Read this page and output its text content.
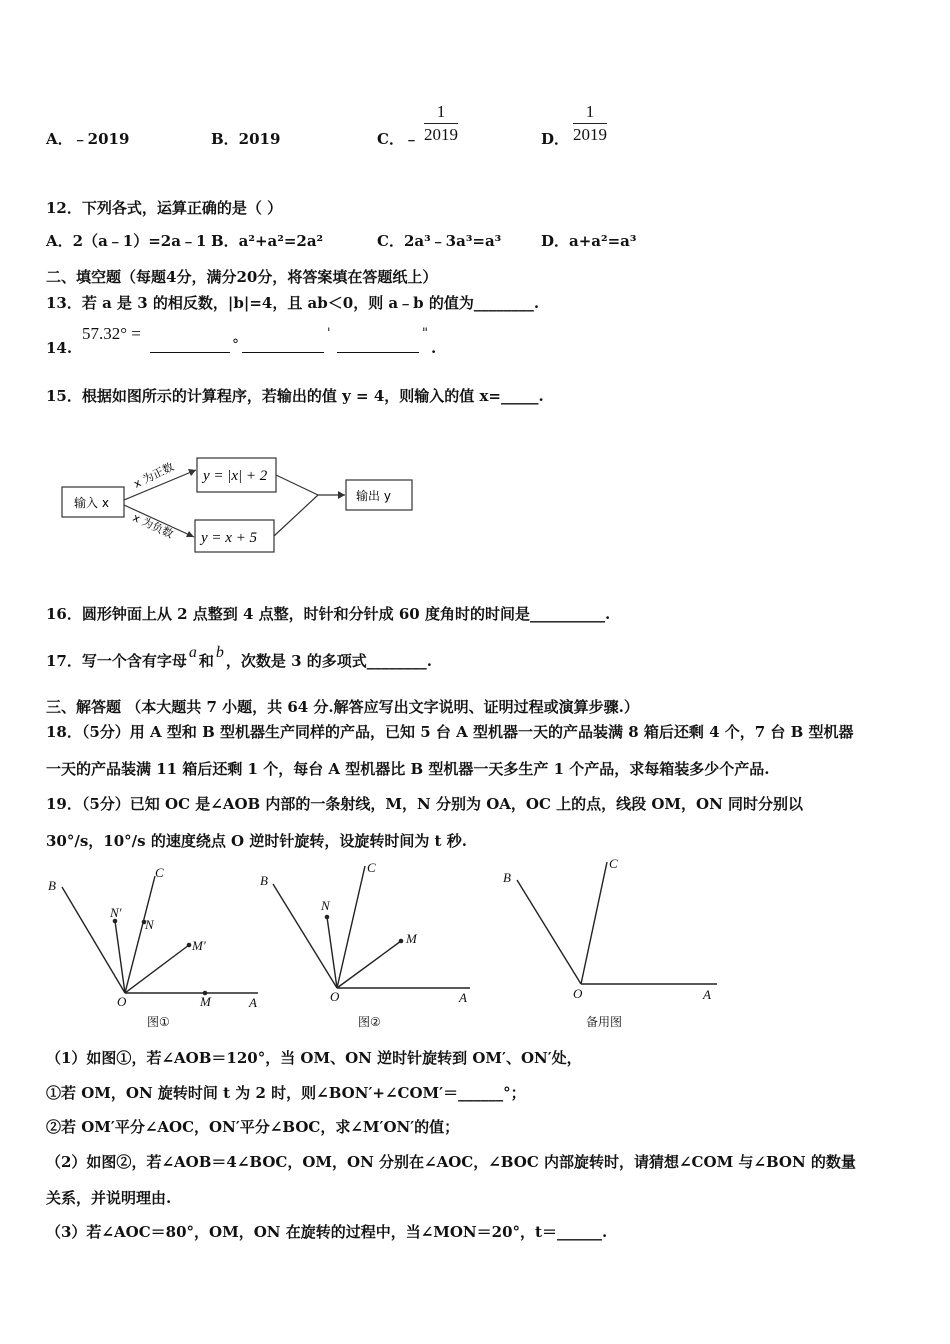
A．﹣2019	B．2019	C．﹣ $\frac{1}{2019}$	D． $\frac{1}{2019}$
12．下列各式，运算正确的是（ ）
A．2（a﹣1）=2a﹣1 B．a²+a²=2a²	C．2a³﹣3a³=a³	D．a+a²=a³
二、填空题（每题4分，满分20分，将答案填在答题纸上）
13．若 a 是 3 的相反数，|b|=4，且 ab＜0，则 a﹣b 的值为________.
14.
57.32° =
°
'	"
.
15．根据如图所示的计算程序，若输出的值 y = 4，则输入的值 x=_____.
输入 x
y = |x| + 2
y = x + 5
输出 y
x 为正数
x 为负数
16．圆形钟面上从 2 点整到 4 点整，时针和分针成 60 度角时的时间是__________.
17．写一个含有字母 a 和 b ，次数是 3 的多项式________.
三、解答题 （本大题共 7 小题，共 64 分.解答应写出文字说明、证明过程或演算步骤.）
18．（5分）用 A 型和 B 型机器生产同样的产品，已知 5 台 A 型机器一天的产品装满 8 箱后还剩 4 个，7 台 B 型机器
一天的产品装满 11 箱后还剩 1 个，每台 A 型机器比 B 型机器一天多生产 1 个产品，求每箱装多少个产品.
19．（5分）已知 OC 是∠AOB 内部的一条射线，M，N 分别为 OA，OC 上的点，线段 OM，ON 同时分别以
30°/s，10°/s 的速度绕点 O 逆时针旋转，设旋转时间为 t 秒.
B
C
N'
N
M'
O	M	A
图①
B
C
N
M
O	A
图②
B
C
O	A
备用图
（1）如图①，若∠AOB＝120°，当 OM、ON 逆时针旋转到 OM′、ON′处，
①若 OM，ON 旋转时间 t 为 2 时，则∠BON′+∠COM′＝______°；
②若 OM′平分∠AOC，ON′平分∠BOC，求∠M′ON′的值；
（2）如图②，若∠AOB＝4∠BOC，OM，ON 分别在∠AOC，∠BOC 内部旋转时，请猜想∠COM 与∠BON 的数量
关系，并说明理由.
（3）若∠AOC＝80°，OM，ON 在旋转的过程中，当∠MON＝20°，t＝______.
